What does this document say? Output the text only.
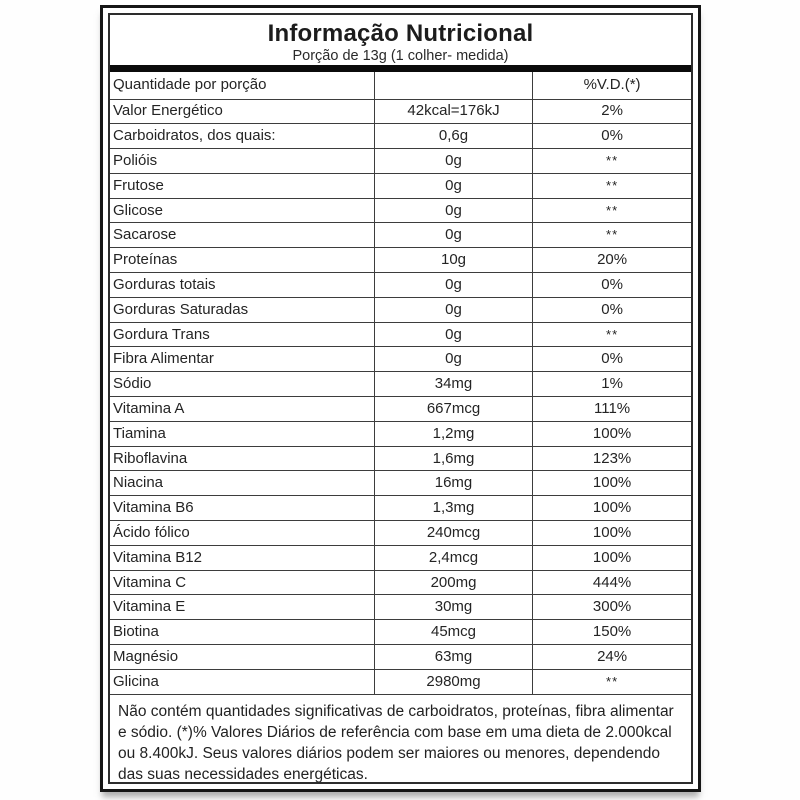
Informação Nutricional
Porção de 13g (1 colher- medida)
Quantidade por porção		%V.D.(*)
Valor Energético	42kcal=176kJ	2%
Carboidratos, dos quais:	0,6g	0%
Polióis	0g	**
Frutose	0g	**
Glicose	0g	**
Sacarose	0g	**
Proteínas	10g	20%
Gorduras totais	0g	0%
Gorduras Saturadas	0g	0%
Gordura Trans	0g	**
Fibra Alimentar	0g	0%
Sódio	34mg	1%
Vitamina A	667mcg	111%
Tiamina	1,2mg	100%
Riboflavina	1,6mg	123%
Niacina	16mg	100%
Vitamina B6	1,3mg	100%
Ácido fólico	240mcg	100%
Vitamina B12	2,4mcg	100%
Vitamina C	200mg	444%
Vitamina E	30mg	300%
Biotina	45mcg	150%
Magnésio	63mg	24%
Glicina	2980mg	**
Não contém quantidades significativas de carboidratos, proteínas, fibra alimentar e sódio. (*)% Valores Diários de referência com base em uma dieta de 2.000kcal ou 8.400kJ. Seus valores diários podem ser maiores ou menores, dependendo das suas necessidades energéticas.
